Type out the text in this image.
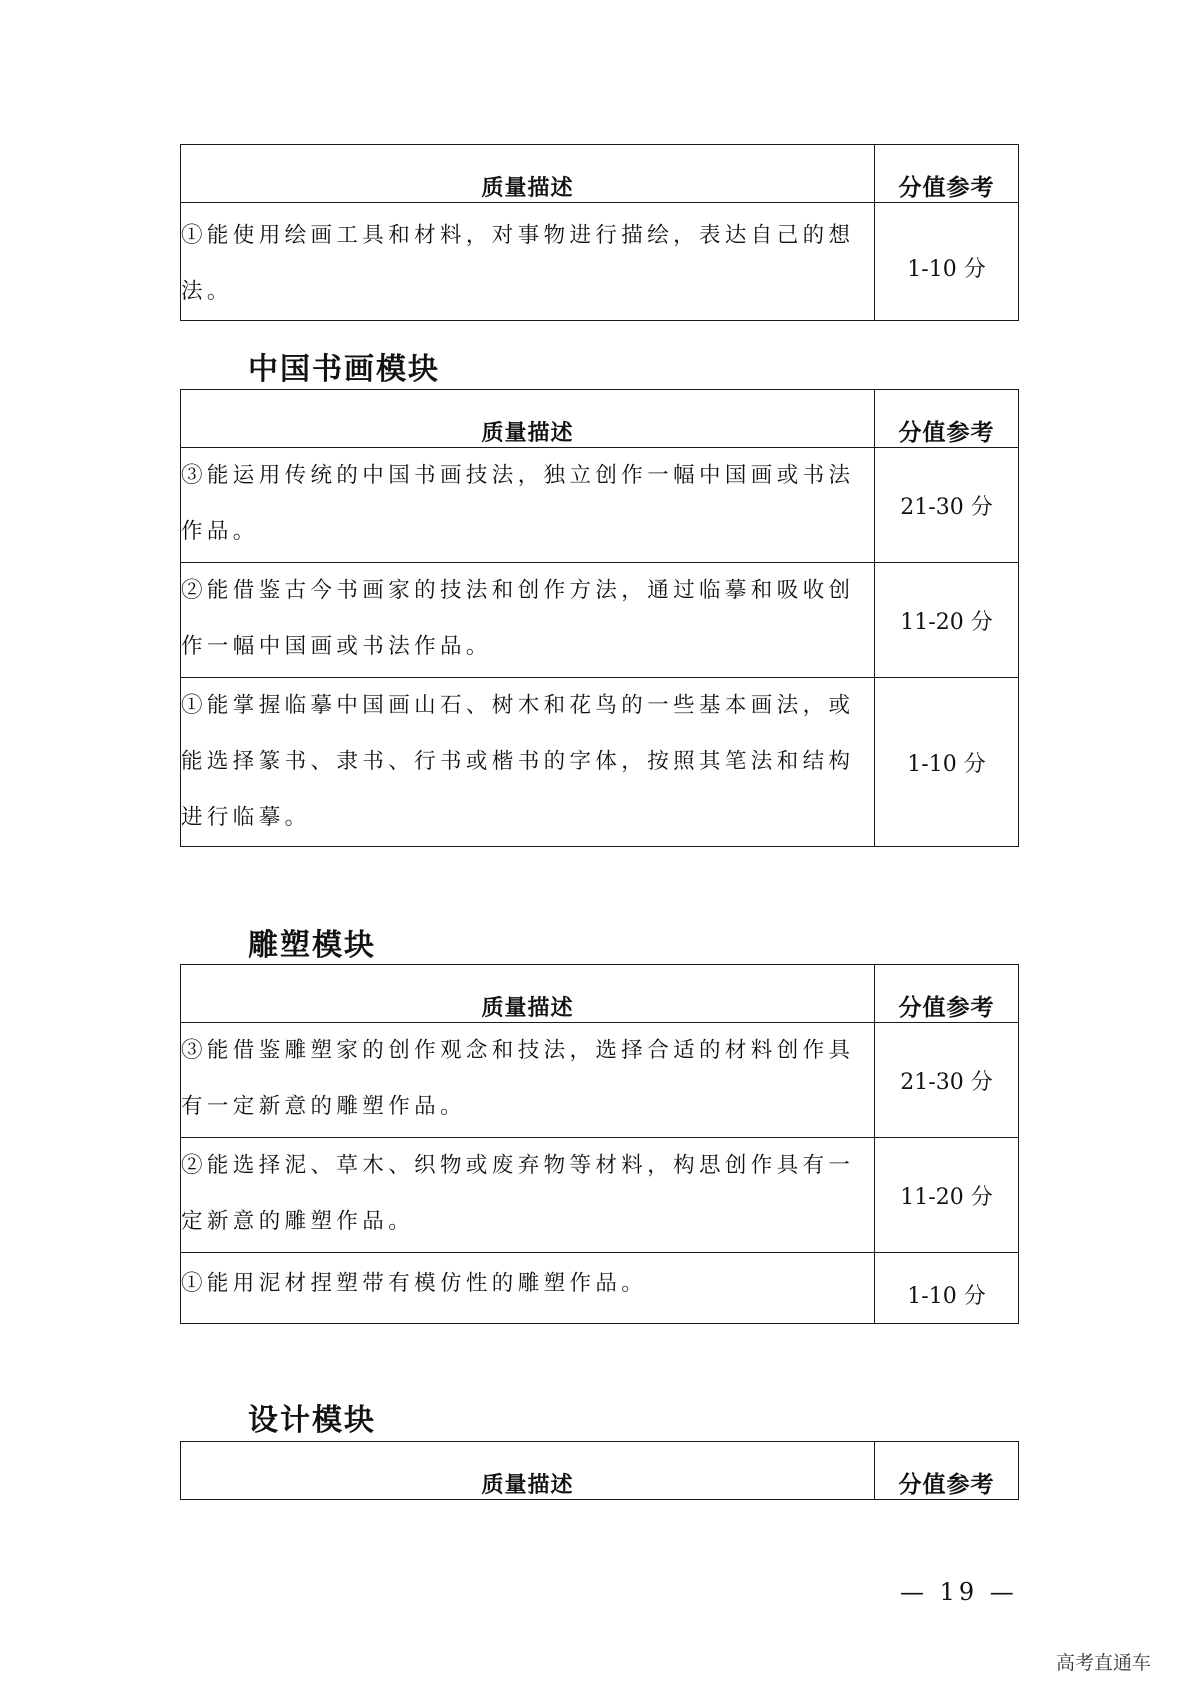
质量描述	分值参考
①能使用绘画工具和材料，对事物进行描绘，表达自己的想法。	1-10 分
中国书画模块
质量描述	分值参考
③能运用传统的中国书画技法，独立创作一幅中国画或书法作品。	21-30 分
②能借鉴古今书画家的技法和创作方法，通过临摹和吸收创作一幅中国画或书法作品。	11-20 分
①能掌握临摹中国画山石、树木和花鸟的一些基本画法，或能选择篆书、隶书、行书或楷书的字体，按照其笔法和结构进行临摹。	1-10 分
雕塑模块
质量描述	分值参考
③能借鉴雕塑家的创作观念和技法，选择合适的材料创作具有一定新意的雕塑作品。	21-30 分
②能选择泥、草木、织物或废弃物等材料，构思创作具有一定新意的雕塑作品。	11-20 分
①能用泥材捏塑带有模仿性的雕塑作品。	1-10 分
设计模块
质量描述	分值参考
— 19 —
高考直通车
